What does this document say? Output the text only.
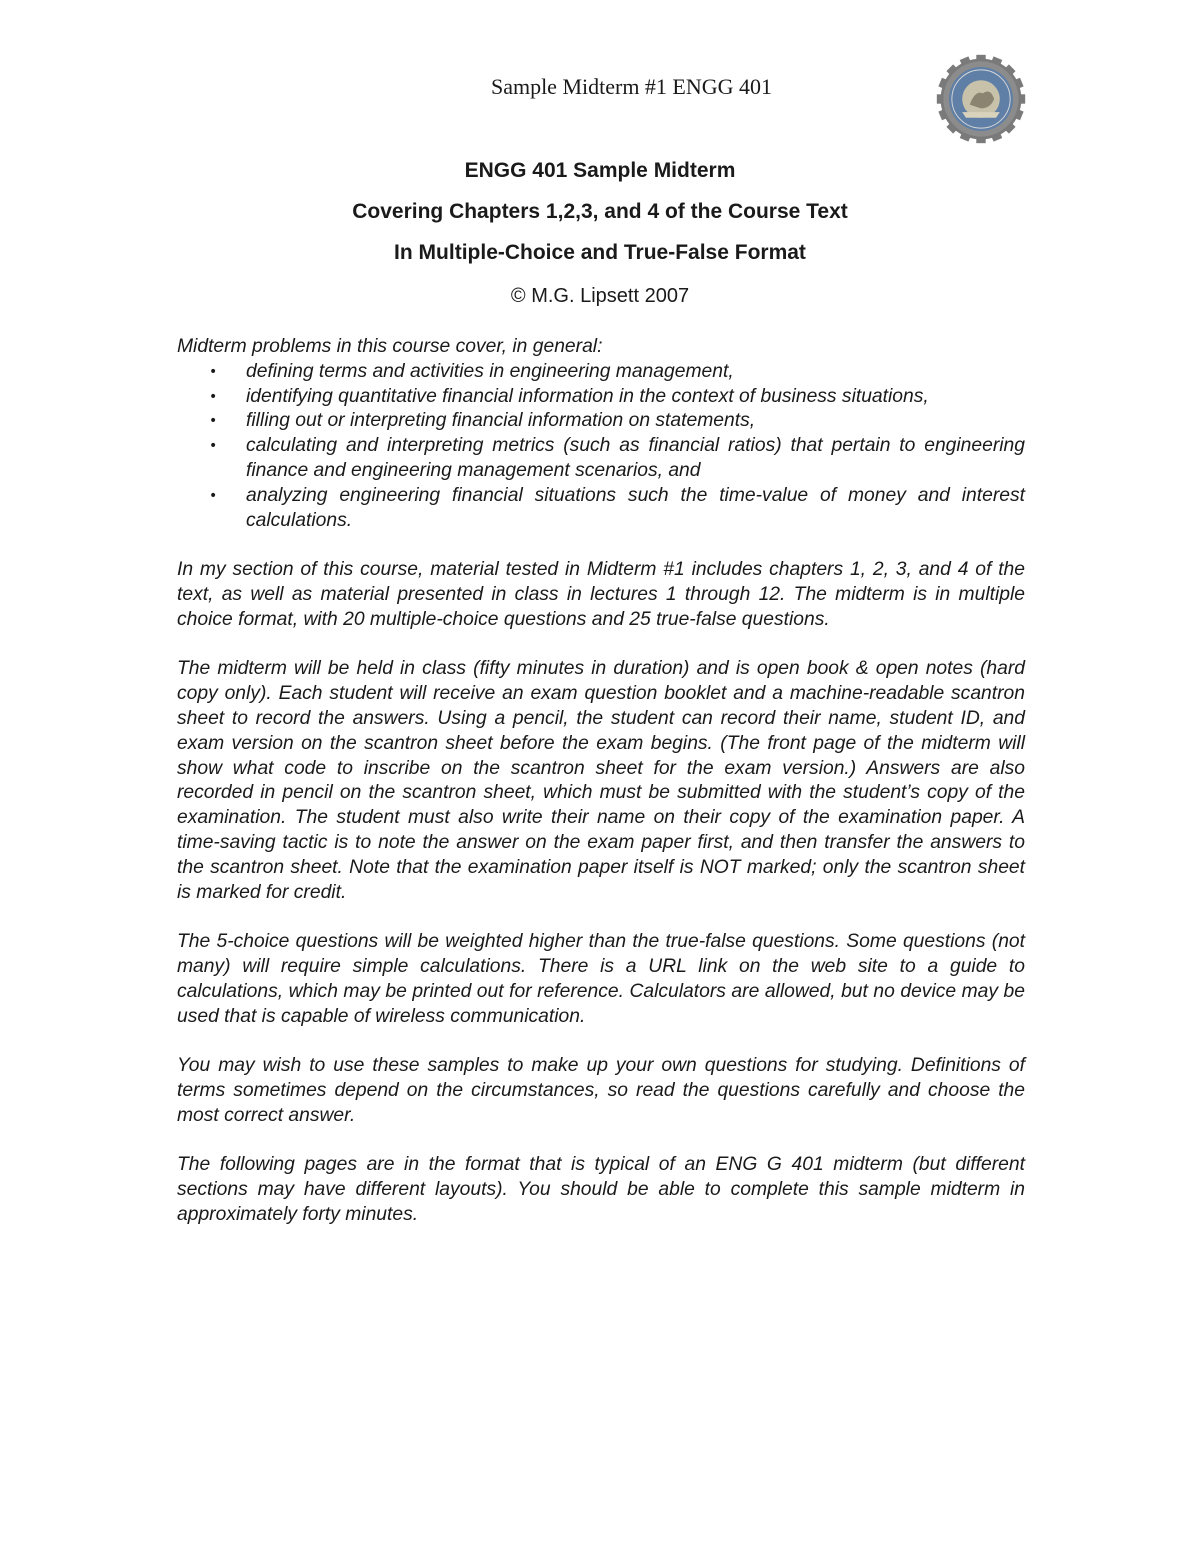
Sample Midterm #1 ENGG 401
ENGG 401 Sample Midterm
Covering Chapters 1,2,3, and 4 of the Course Text
In Multiple-Choice and True-False Format
© M.G. Lipsett 2007

Midterm problems in this course cover, in general:

• defining terms and activities in engineering management,
• identifying quantitative financial information in the context of business situations,
• filling out or interpreting financial information on statements,
• calculating and interpreting metrics (such as financial ratios) that pertain to engineering finance and engineering management scenarios, and
• analyzing engineering financial situations such the time-value of money and interest calculations.

In my section of this course, material tested in Midterm #1 includes chapters 1, 2, 3, and 4 of the text, as well as material presented in class in lectures 1 through 12. The midterm is in multiple choice format, with 20 multiple-choice questions and 25 true-false questions.

The midterm will be held in class (fifty minutes in duration) and is open book & open notes (hard copy only). Each student will receive an exam question booklet and a machine-readable scantron sheet to record the answers. Using a pencil, the student can record their name, student ID, and exam version on the scantron sheet before the exam begins. (The front page of the midterm will show what code to inscribe on the scantron sheet for the exam version.) Answers are also recorded in pencil on the scantron sheet, which must be submitted with the student’s copy of the examination. The student must also write their name on their copy of the examination paper. A time-saving tactic is to note the answer on the exam paper first, and then transfer the answers to the scantron sheet. Note that the examination paper itself is NOT marked; only the scantron sheet is marked for credit.

The 5-choice questions will be weighted higher than the true-false questions. Some questions (not many) will require simple calculations. There is a URL link on the web site to a guide to calculations, which may be printed out for reference. Calculators are allowed, but no device may be used that is capable of wireless communication.

You may wish to use these samples to make up your own questions for studying. Definitions of terms sometimes depend on the circumstances, so read the questions carefully and choose the most correct answer.

The following pages are in the format that is typical of an ENG G 401 midterm (but different sections may have different layouts). You should be able to complete this sample midterm in approximately forty minutes.
